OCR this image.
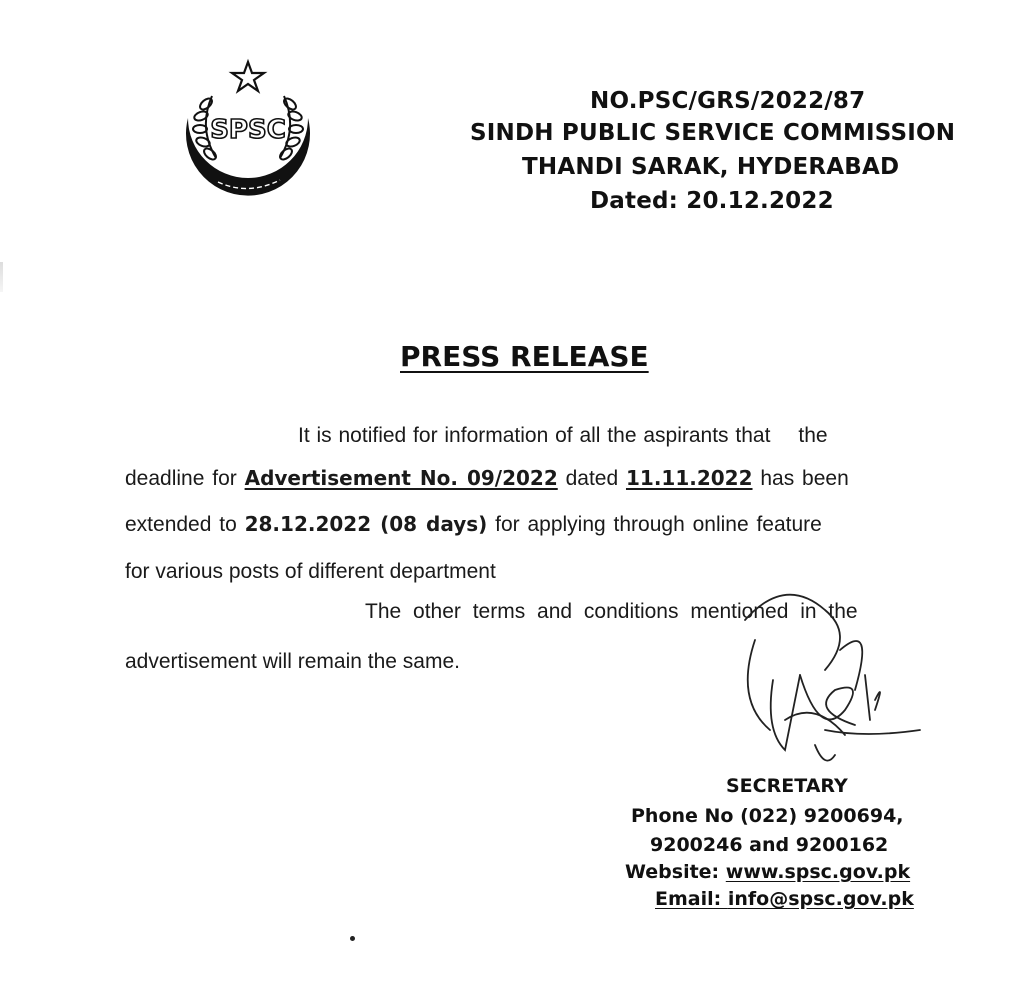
SPSC
NO.PSC/GRS/2022/87
SINDH PUBLIC SERVICE COMMISSION
THANDI SARAK, HYDERABAD
Dated: 20.12.2022
PRESS RELEASE
It is notified for information of all the aspirants that the
deadline for Advertisement No. 09/2022 dated 11.11.2022 has been
extended to 28.12.2022 (08 days) for applying through online feature
for various posts of different department
The other terms and conditions mentioned in the
advertisement will remain the same.
SECRETARY
Phone No (022) 9200694,
9200246 and 9200162
Website: www.spsc.gov.pk
Email: info@spsc.gov.pk
